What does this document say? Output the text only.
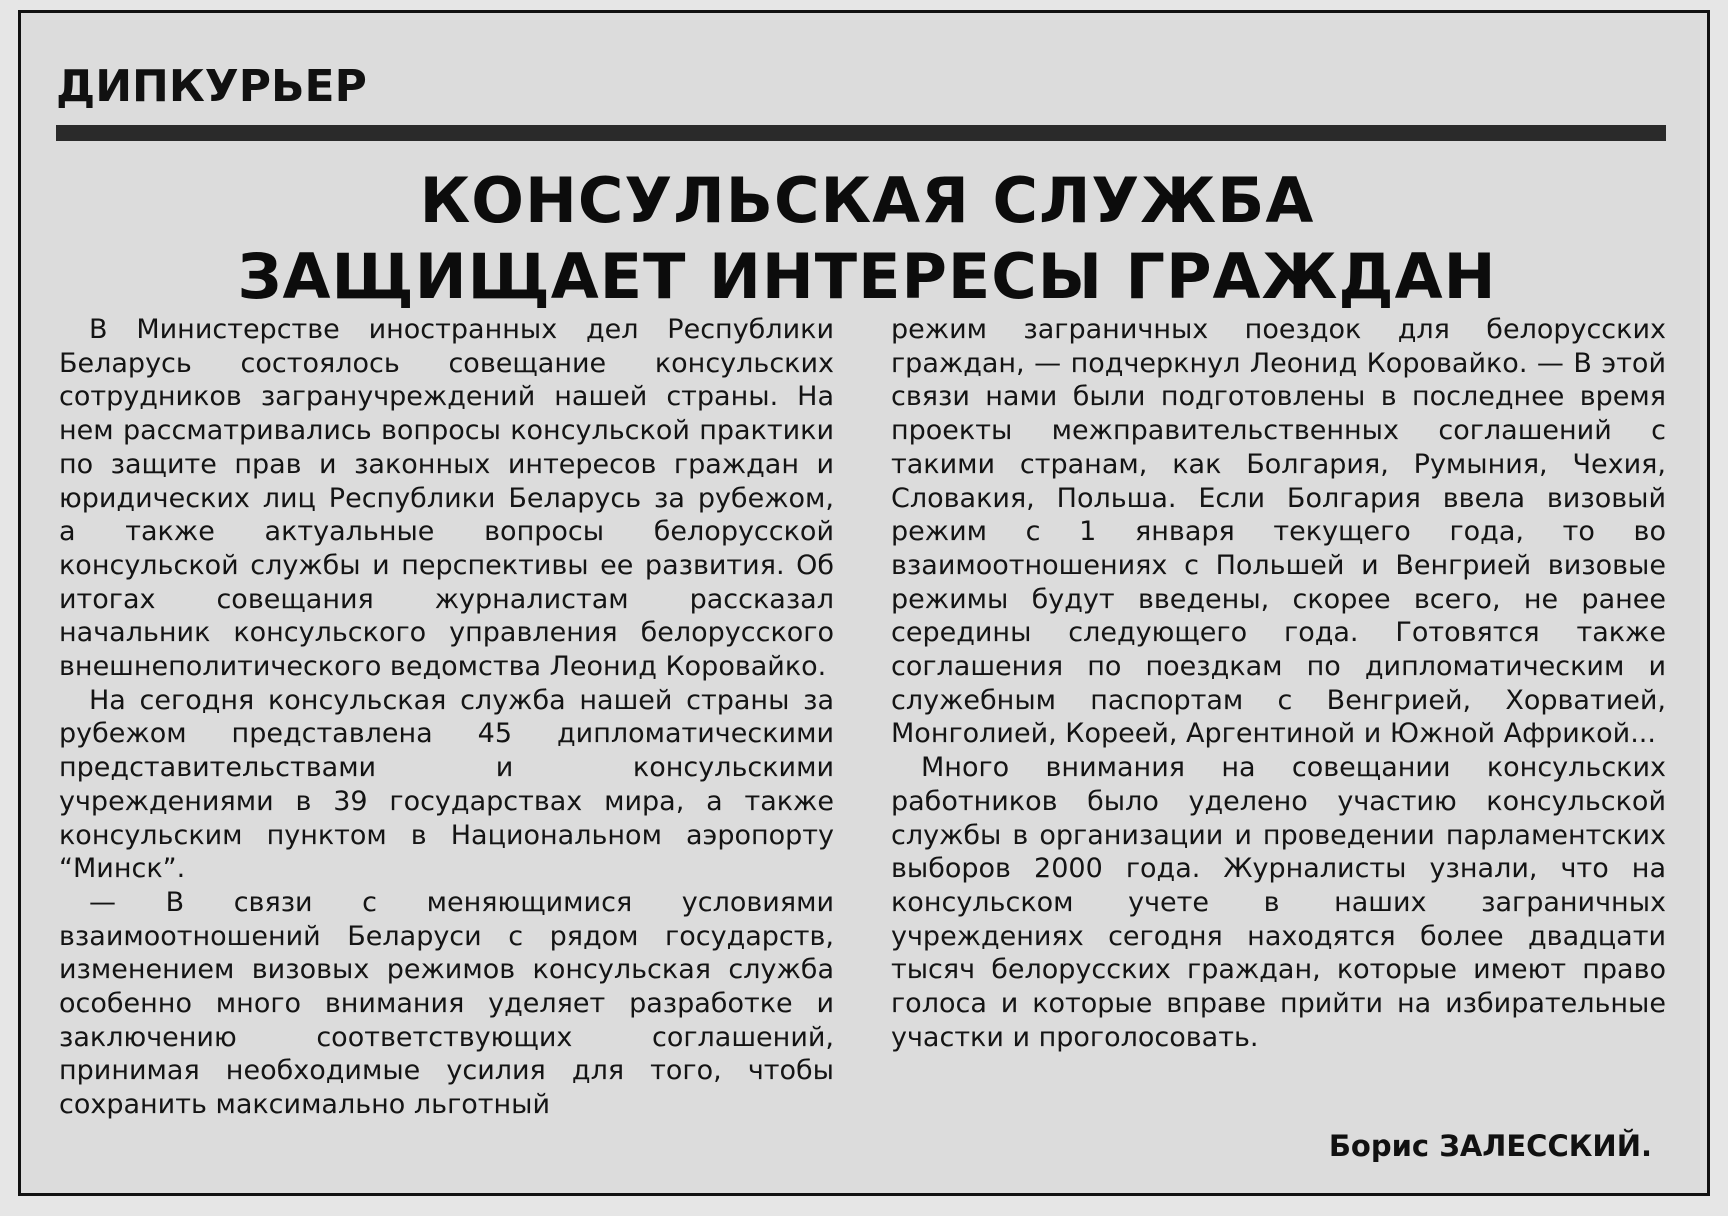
ДИПКУРЬЕР
КОНСУЛЬСКАЯ СЛУЖБА
ЗАЩИЩАЕТ ИНТЕРЕСЫ ГРАЖДАН

В Министерстве иностранных дел Республики Беларусь состоялось совещание консульских сотрудников загранучреждений нашей страны. На нем рассматривались вопросы консульской практики по защите прав и законных интересов граждан и юридических лиц Республики Беларусь за рубежом, а также актуальные вопросы белорусской консульской службы и перспективы ее развития. Об итогах совещания журналистам рассказал начальник консульского управления белорусского внешнеполитического ведомства Леонид Коровайко.

На сегодня консульская служба нашей страны за рубежом представлена 45 дипломатическими представительствами и консульскими учреждениями в 39 государствах мира, а также консульским пунктом в Национальном аэропорту “Минск”.

— В связи с меняющимися условиями взаимоотношений Беларуси с рядом государств, изменением визовых режимов консульская служба особенно много внимания уделяет разработке и заключению соответствующих соглашений, принимая необходимые усилия для того, чтобы сохранить максимально льготный

режим заграничных поездок для белорусских граждан, — подчеркнул Леонид Коровайко. — В этой связи нами были подготовлены в последнее время проекты межправительственных соглашений с такими странам, как Болгария, Румыния, Чехия, Словакия, Польша. Если Болгария ввела визовый режим с 1 января текущего года, то во взаимоотношениях с Польшей и Венгрией визовые режимы будут введены, скорее всего, не ранее середины следующего года. Готовятся также соглашения по поездкам по дипломатическим и служебным паспортам с Венгрией, Хорватией, Монголией, Кореей, Аргентиной и Южной Африкой...

Много внимания на совещании консульских работников было уделено участию консульской службы в организации и проведении парламентских выборов 2000 года. Журналисты узнали, что на консульском учете в наших заграничных учреждениях сегодня находятся более двадцати тысяч белорусских граждан, которые имеют право голоса и которые вправе прийти на избирательные участки и проголосовать.

Борис ЗАЛЕССКИЙ.
